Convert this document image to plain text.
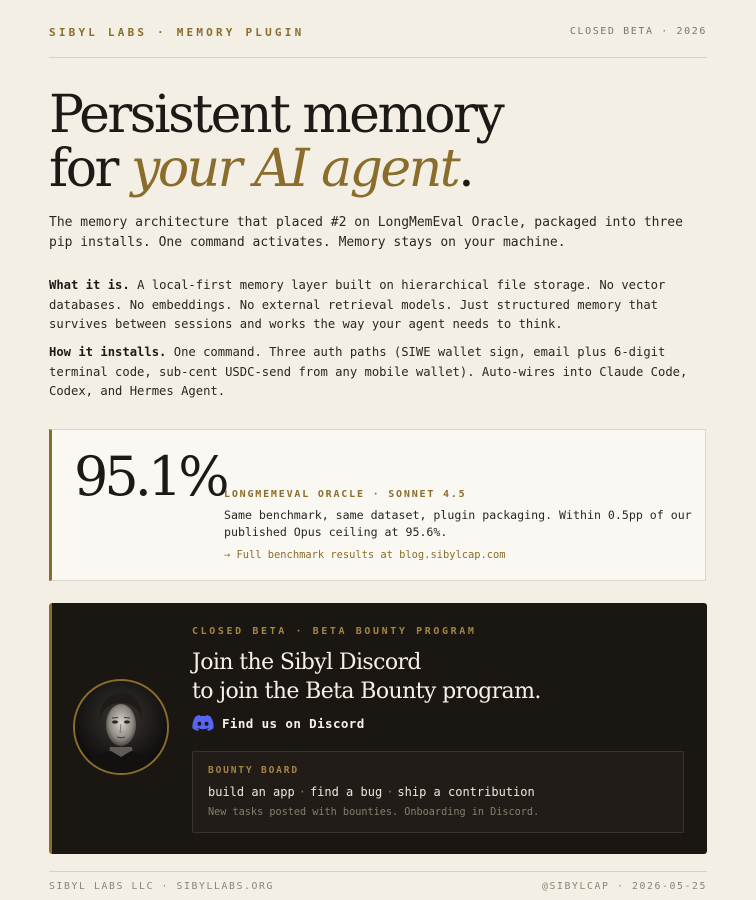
SIBYL LABS · MEMORY PLUGIN	CLOSED BETA · 2026
Persistent memory
for your AI agent.

The memory architecture that placed #2 on LongMemEval Oracle, packaged into three pip installs. One command activates. Memory stays on your machine.

What it is. A local-first memory layer built on hierarchical file storage. No vector databases. No embeddings. No external retrieval models. Just structured memory that survives between sessions and works the way your agent needs to think.

How it installs. One command. Three auth paths (SIWE wallet sign, email plus 6-digit terminal code, sub-cent USDC-send from any mobile wallet). Auto-wires into Claude Code, Codex, and Hermes Agent.

95.1%
LONGMEMEVAL ORACLE · SONNET 4.5

Same benchmark, same dataset, plugin packaging. Within 0.5pp of our published Opus ceiling at 95.6%.

→ Full benchmark results at blog.sibylcap.com
CLOSED BETA · BETA BOUNTY PROGRAM
Join the Sibyl Discord
to join the Beta Bounty program.
Find us on Discord
BOUNTY BOARD
build an app · find a bug · ship a contribution
New tasks posted with bounties. Onboarding in Discord.
SIBYL LABS LLC · SIBYLLABS.ORG	@SIBYLCAP · 2026-05-25
